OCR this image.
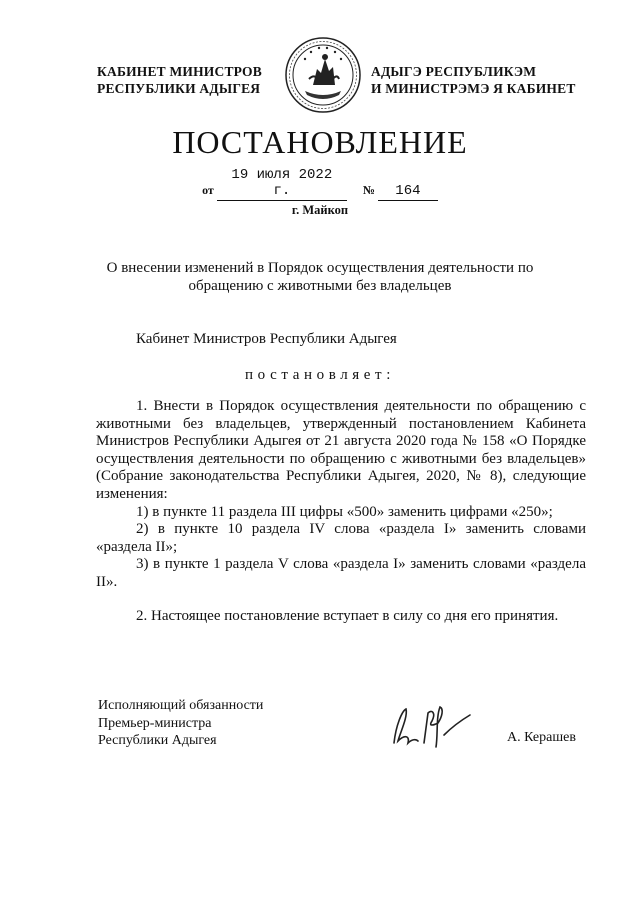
КАБИНЕТ МИНИСТРОВ
РЕСПУБЛИКИ АДЫГЕЯ
АДЫГЭ РЕСПУБЛИКЭМ
И МИНИСТРЭМЭ Я КАБИНЕТ
ПОСТАНОВЛЕНИЕ
от 19 июля 2022 г.	№ 164
г. Майкоп
О внесении изменений в Порядок осуществления деятельности по
обращению с животными без владельцев
Кабинет Министров Республики Адыгея
постановляет:

1. Внести в Порядок осуществления деятельности по обращению с животными без владельцев, утвержденный постановлением Кабинета Министров Республики Адыгея от 21 августа 2020 года № 158 «О Порядке осуществления деятельности по обращению с животными без владельцев» (Собрание законодательства Республики Адыгея, 2020, № 8), следующие изменения:

1) в пункте 11 раздела III цифры «500» заменить цифрами «250»;

2) в пункте 10 раздела IV слова «раздела I» заменить словами «раздела II»;

3) в пункте 1 раздела V слова «раздела I» заменить словами «раздела II».

2. Настоящее постановление вступает в силу со дня его принятия.
Исполняющий обязанности
Премьер-министра
Республики Адыгея	А. Керашев
